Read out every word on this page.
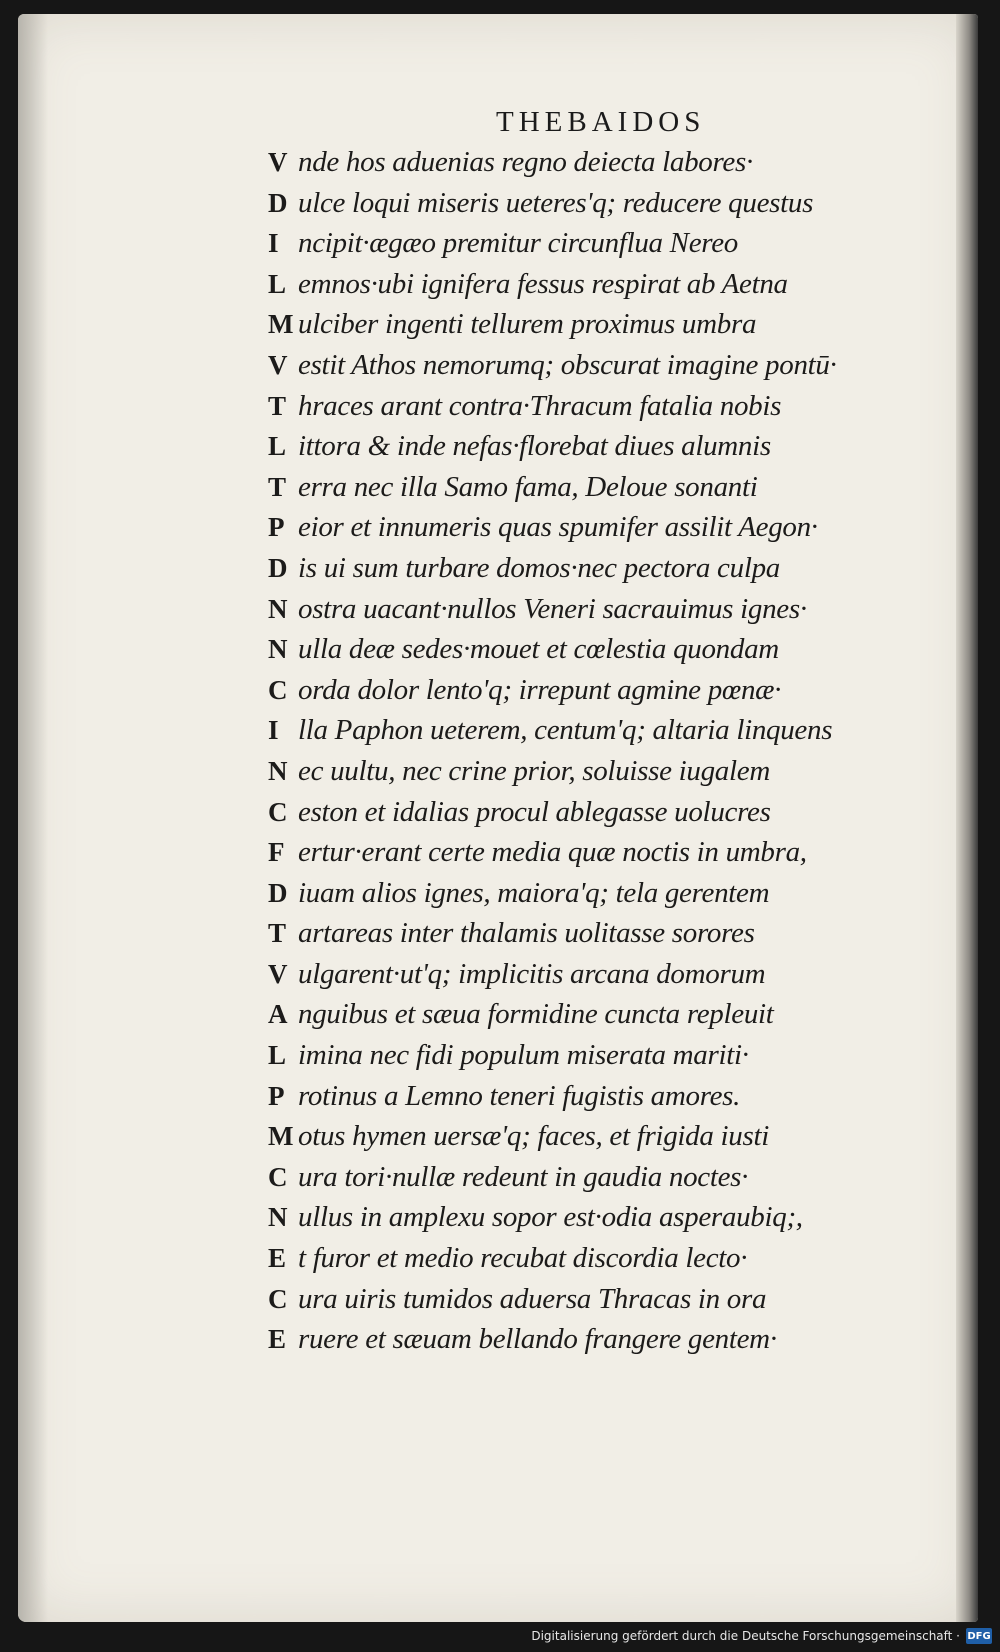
THEBAIDOS
V nde hos aduenias regno deiecta labores·
D ulce loqui miseris ueteres'q; reducere questus
I ncipit·ægæo premitur circunflua Nereo
L emnos·ubi ignifera fessus respirat ab Aetna
M ulciber ingenti tellurem proximus umbra
V estit Athos nemorumq; obscurat imagine pontū·
T hraces arant contra·Thracum fatalia nobis
L ittora & inde nefas·florebat diues alumnis
T erra nec illa Samo fama, Deloue sonanti
P eior et innumeris quas spumifer assilit Aegon·
D is ui sum turbare domos·nec pectora culpa
N ostra uacant·nullos Veneri sacrauimus ignes·
N ulla deæ sedes·mouet et cœlestia quondam
C orda dolor lento'q; irrepunt agmine pœnæ·
I lla Paphon ueterem, centum'q; altaria linquens
N ec uultu, nec crine prior, soluisse iugalem
C eston et idalias procul ablegasse uolucres
F ertur·erant certe media quæ noctis in umbra,
D iuam alios ignes, maiora'q; tela gerentem
T artareas inter thalamis uolitasse sorores
V ulgarent·ut'q; implicitis arcana domorum
A nguibus et sæua formidine cuncta repleuit
L imina nec fidi populum miserata mariti·
P rotinus a Lemno teneri fugistis amores.
M otus hymen uersæ'q; faces, et frigida iusti
C ura tori·nullæ redeunt in gaudia noctes·
N ullus in amplexu sopor est·odia asperaubiq;,
E t furor et medio recubat discordia lecto·
C ura uiris tumidos aduersa Thracas in ora
E ruere et sæuam bellando frangere gentem·
Digitalisierung gefördert durch die Deutsche Forschungsgemeinschaft · DFG
